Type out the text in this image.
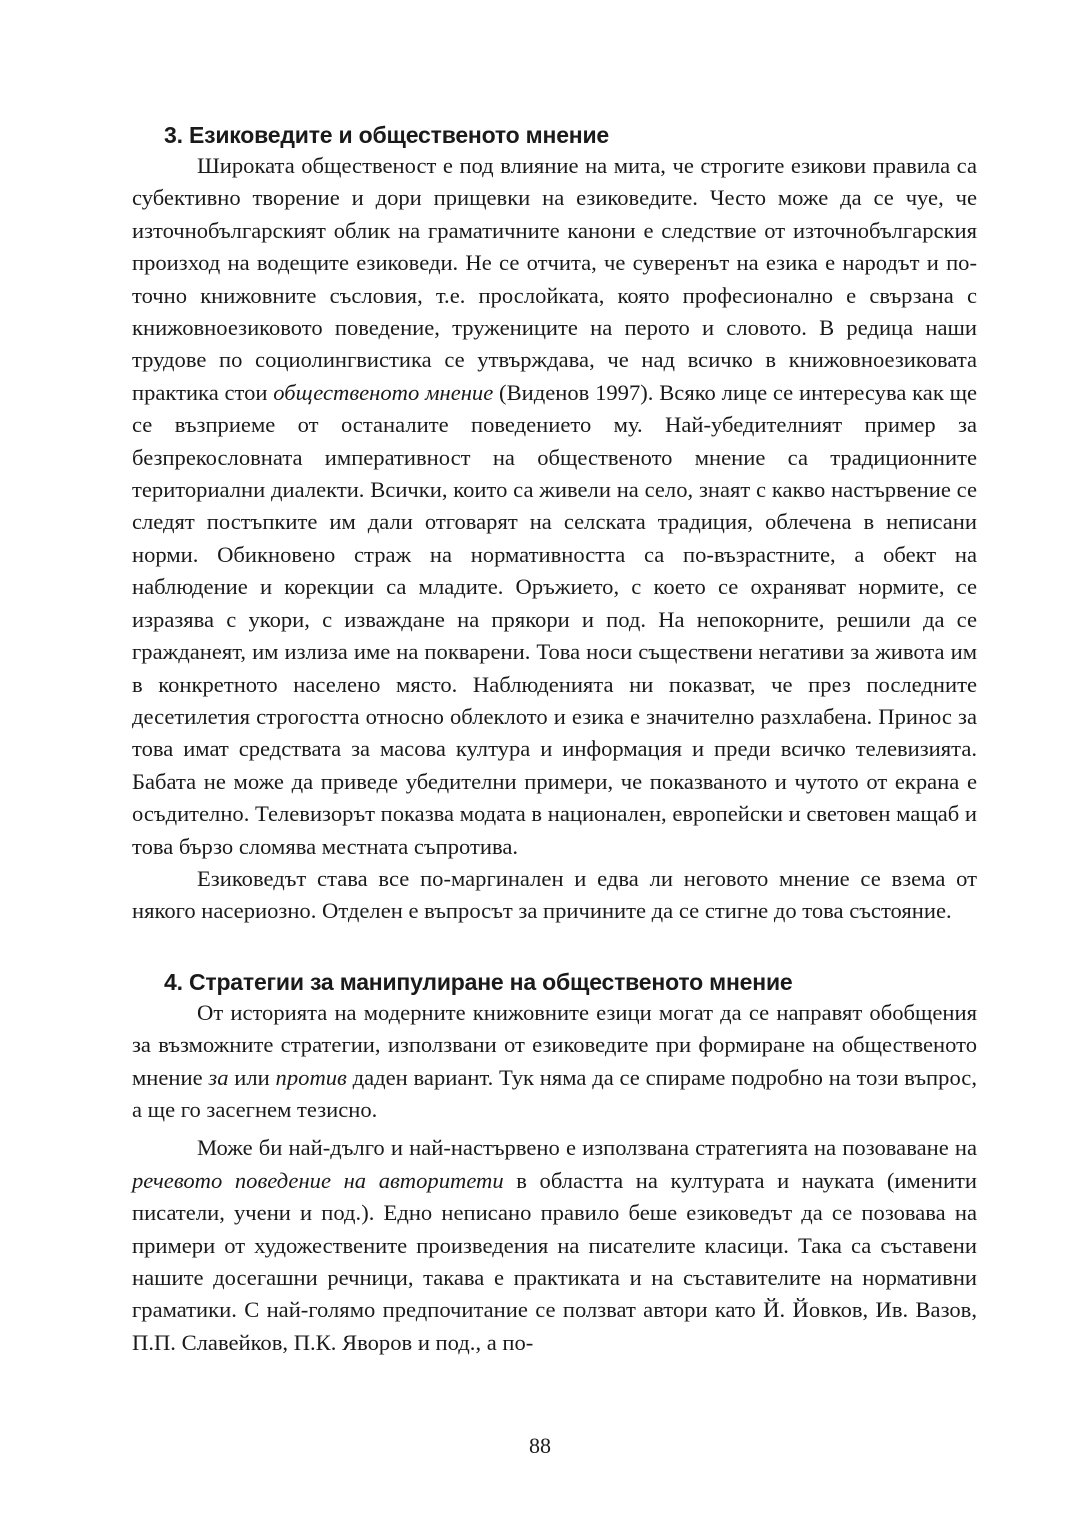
3. Езиковедите и общественото мнение

Широката общественост е под влияние на мита, че строгите езикови правила са субективно творение и дори прищевки на езиковедите. Често може да се чуе, че източнобългарският облик на граматичните канони е следствие от източнобългарския произход на водещите езиковеди. Не се отчита, че суверенът на езика е народът и по-точно книжовните съсловия, т.е. прослойката, която професионално е свързана с книжовноезиковото поведение, тружениците на перото и словото. В редица наши трудове по социолингвистика се утвърждава, че над всичко в книжовноезиковата практика стои общественото мнение (Виденов 1997). Всяко лице се интересува как ще се възприеме от останалите поведението му. Най-убедителният пример за безпрекословната императивност на общественото мнение са традиционните териториални диалекти. Всички, които са живели на село, знаят с какво настървение се следят постъпките им дали отговарят на селската традиция, облечена в неписани норми. Обикновено страж на нормативността са по-възрастните, а обект на наблюдение и корекции са младите. Оръжието, с което се охраняват нормите, се изразява с укори, с изваждане на прякори и под. На непокорните, решили да се граждaнеят, им излиза име на покварени. Това носи съществени негативи за живота им в конкретното населено място. Наблюденията ни показват, че през последните десетилетия строгостта относно облеклото и езика е значително разхлабена. Принос за това имат средствата за масова култура и информация и преди всичко телевизията. Бабата не може да приведе убедителни примери, че показваното и чутото от екрана е осъдително. Телевизорът показва модата в национален, европейски и световен мащаб и това бързо сломява местната съпротива.

Езиковедът става все по-маргинален и едва ли неговото мнение се взема от някого насериозно. Отделен е въпросът за причините да се стигне до това състояние.

4. Стратегии за манипулиране на общественото мнение

От историята на модерните книжовните езици могат да се направят обобщения за възможните стратегии, използвани от езиковедите при формиране на общественото мнение за или против даден вариант. Тук няма да се спираме подробно на този въпрос, а ще го засегнем тезисно.

Може би най-дълго и най-настървено е използвана стратегията на позоваване на речевото поведение на авторитети в областта на културата и науката (именити писатели, учени и под.). Едно неписано правило беше езиковедът да се позовава на примери от художествените произведения на писателите класици. Така са съставени нашите досегашни речници, такава е практиката и на съставителите на нормативни граматики. С най-голямо предпочитание се ползват автори като Й. Йовков, Ив. Вазов, П.П. Славейков, П.К. Яворов и под., а по-

88
